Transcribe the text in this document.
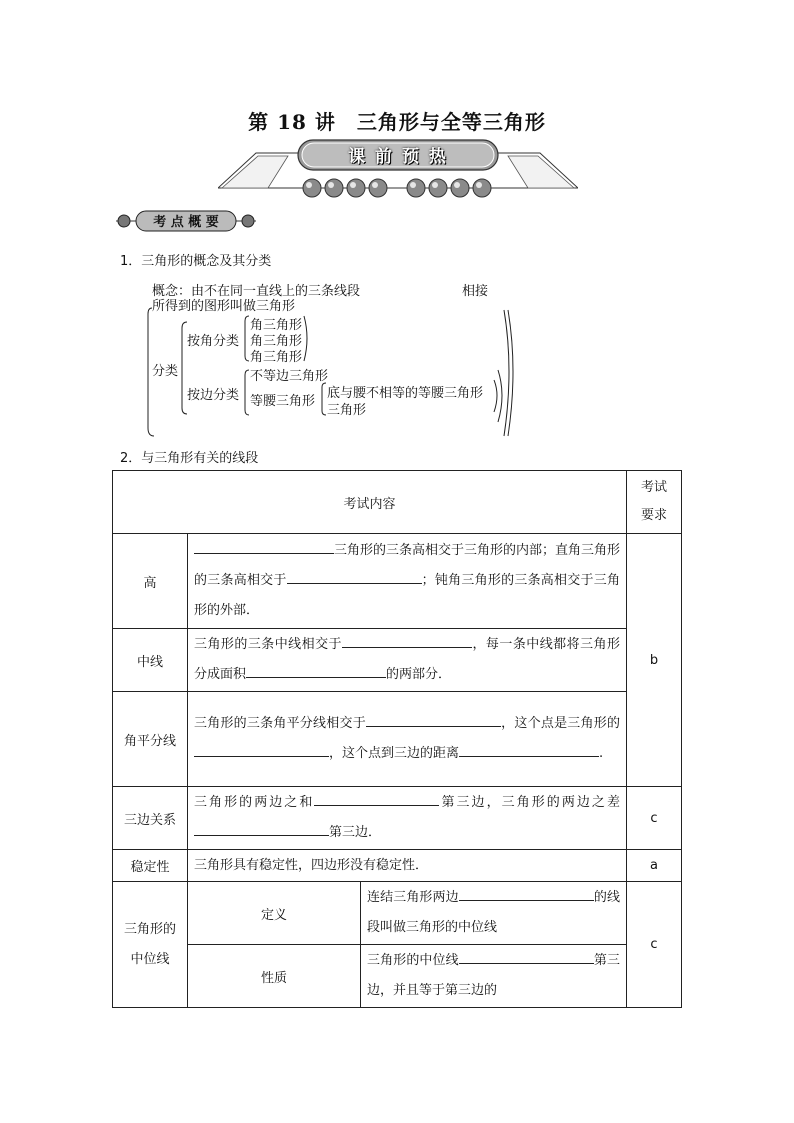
第 18 讲　三角形与全等三角形
课 前 预 热
考 点 概 要
1．三角形的概念及其分类
概念：由不在同一直线上的三条线段	相接
所得到的图形叫做三角形
分类
按角分类
角三角形
角三角形
角三角形
按边分类
不等边三角形
等腰三角形
底与腰不相等的等腰三角形
三角形
2．与三角形有关的线段
考试内容			考试
要求
高	三角形的三条高相交于三角形的内部；直角三角形的三条高相交于 ；钝角三角形的三条高相交于三角形的外部．		b
中线	三角形的三条中线相交于 ，每一条中线都将三角形分成面积 的两部分．		
角平分线	三角形的三条角平分线相交于 ，这个点是三角形的，这个点到三边的距离 .		
三边关系	三角形的两边之和 第三边，三角形的两边之差第三边．		c
稳定性	三角形具有稳定性，四边形没有稳定性．		a
三角形的
中位线	定义	连结三角形两边 的线段叫做三角形的中位线	c
	性质	三角形的中位线 第三边，并且等于第三边的	
